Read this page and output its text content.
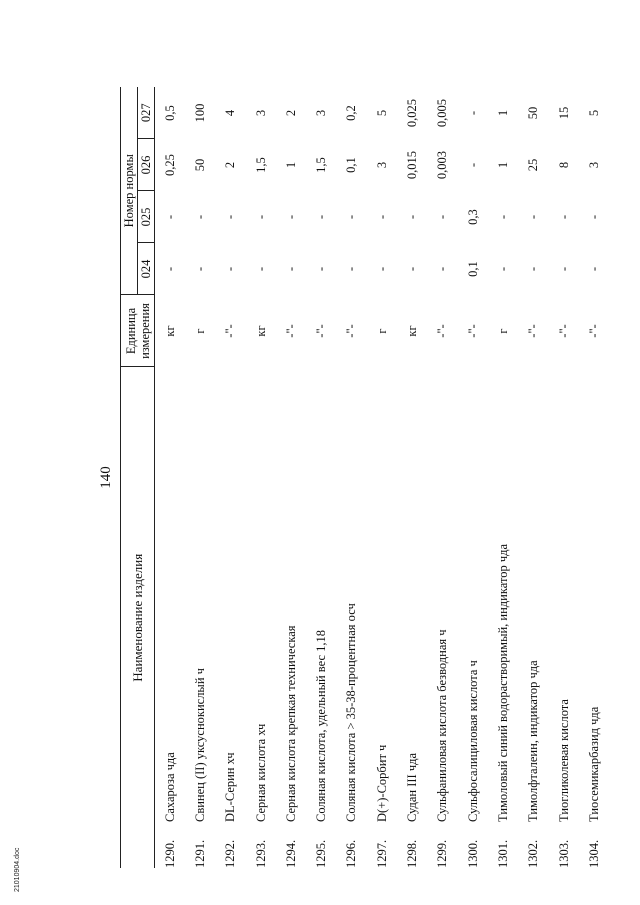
140
Наименование изделия		Единица измерения	Номер нормы			
			024	025	026	027
1290.	Сахароза чда	кг	-	-	0,25	0,5
1291.	Свинец (II) уксуснокислый ч	г	-	-	50	100
1292.	DL-Серин хч	-"-	-	-	2	4
1293.	Серная кислота хч	кг	-	-	1,5	3
1294.	Серная кислота крепкая техническая	-"-	-	-	1	2
1295.	Соляная кислота, удельный вес 1,18	-"-	-	-	1,5	3
1296.	Соляная кислота > 35-38-процентная осч	-"-	-	-	0,1	0,2
1297.	D(+)-Сорбит ч	г	-	-	3	5
1298.	Судан III чда	кг	-	-	0,015	0,025
1299.	Сульфаниловая кислота безводная ч	-"-	-	-	0,003	0,005
1300.	Сульфосалициловая кислота ч	-"-	0,1	0,3	-	-
1301.	Тимоловый синий водорастворимый, индикатор чда	г	-	-	1	1
1302.	Тимолфталеин, индикатор чда	-"-	-	-	25	50
1303.	Тиогликолевая кислота	-"-	-	-	8	15
1304.	Тиосемикарбазид чда	-"-	-	-	3	5
21010904.doc
